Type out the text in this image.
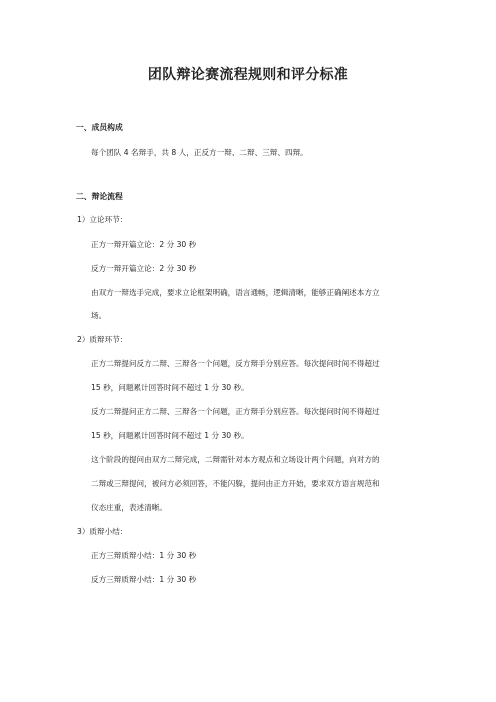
团队辩论赛流程规则和评分标准
一、成员构成
每个团队 4 名辩手，共 8 人，正反方一辩、二辩、三辩、四辩。
二、辩论流程
1）立论环节：
正方一辩开篇立论：2 分 30 秒
反方一辩开篇立论：2 分 30 秒
由双方一辩选手完成，要求立论框架明确，语言通畅，逻辑清晰，能够正确阐述本方立
场。
2）质辩环节：
正方二辩提问反方二辩、三辩各一个问题，反方辩手分别应答。每次提问时间不得超过
15 秒，问题累计回答时间不超过 1 分 30 秒。
反方二辩提问正方二辩、三辩各一个问题，正方辩手分别应答。每次提问时间不得超过
15 秒，问题累计回答时间不超过 1 分 30 秒。
这个阶段的提问由双方二辩完成，二辩需针对本方观点和立场设计两个问题，向对方的
二辩或三辩提问，被问方必须回答，不能闪躲，提问由正方开始，要求双方语言规范和
仪态庄重，表述清晰。
3）质辩小结：
正方三辩质辩小结：1 分 30 秒
反方三辩质辩小结：1 分 30 秒
